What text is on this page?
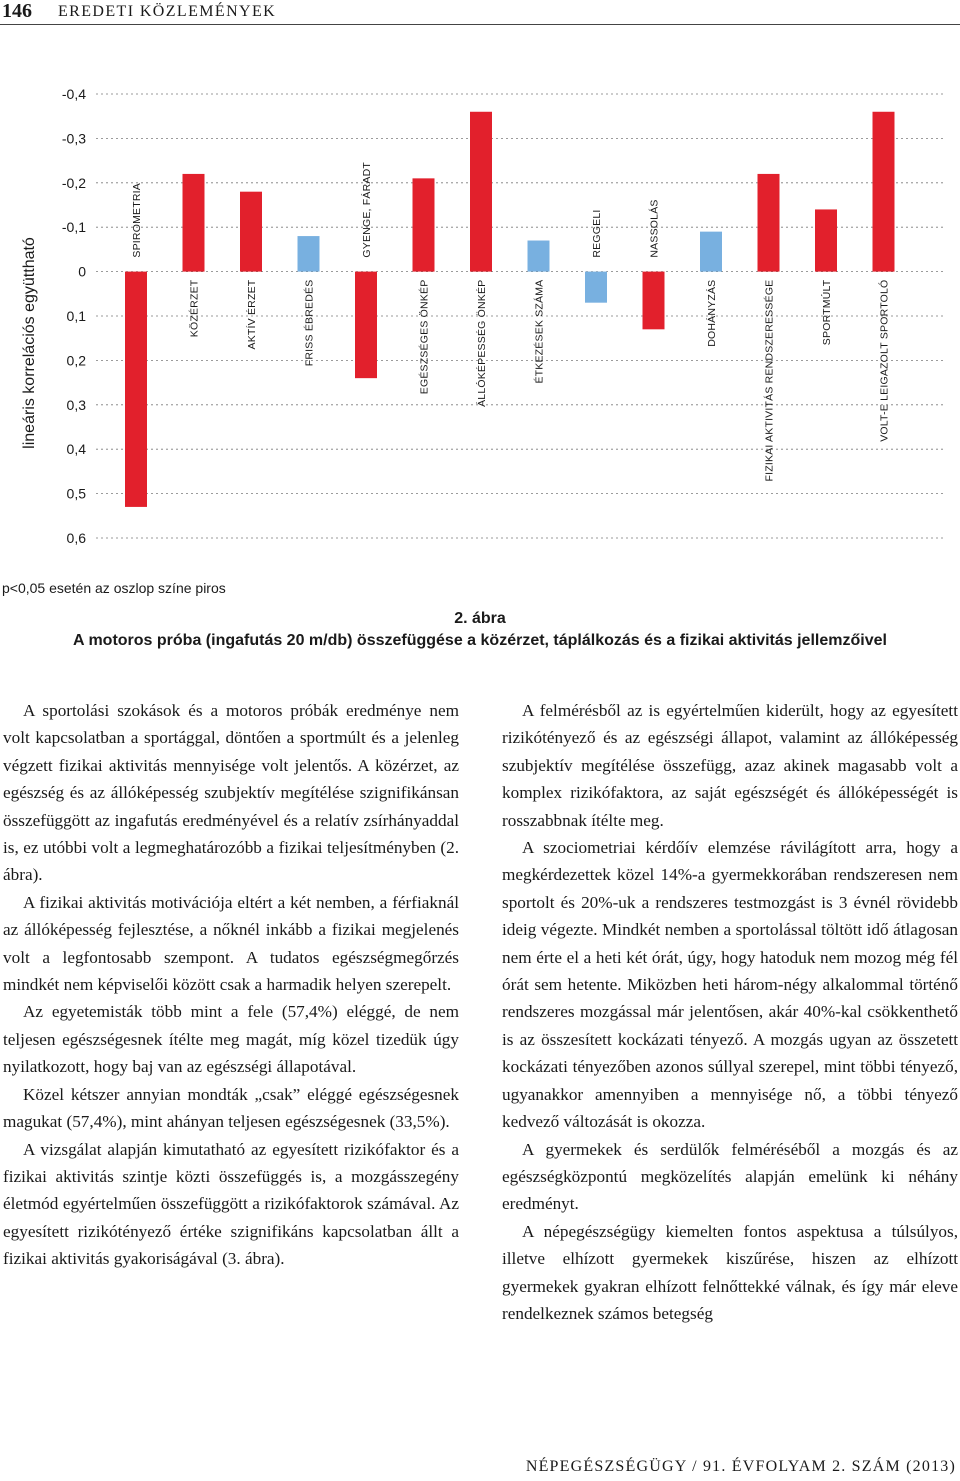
146 EREDETI KÖZLEMÉNYEK
lineáris korrelációs együttható
-0,4
-0,3
-0,2
-0,1
0
0,1
0,2
0,3
0,4
0,5
0,6
SPIROMETRIA
KÖZÉRZET	AKTÍV ÉRZET	FRISS ÉBREDÉS
GYENGE, FÁRADT
EGÉSZSÉGES ÖNKÉP	ÁLLÓKÉPESSÉG ÖNKÉP	ÉTKEZÉSEK SZÁMA
REGGELI	NASSOLÁS
DOHÁNYZÁS	FIZIKAI AKTIVITÁS RENDSZERESSÉGE	SPORTMÚLT	VOLT-E LEIGAZOLT SPORTOLÓ
p<0,05 esetén az oszlop színe piros
2. ábra
A motoros próba (ingafutás 20 m/db) összefüggése a közérzet, táplálkozás és a fizikai aktivitás jellemzőivel

A sportolási szokások és a motoros próbák eredménye nem volt kapcsolatban a sportággal, döntően a sportmúlt és a jelenleg végzett fizikai aktivitás mennyisége volt jelentős. A közérzet, az egészség és az állóképesség szubjektív megítélése szignifikánsan összefüggött az ingafutás eredményével és a relatív zsírhányaddal is, ez utóbbi volt a legmeghatározóbb a fizikai teljesítményben (2. ábra).

A fizikai aktivitás motivációja eltért a két nemben, a férfiaknál az állóképesség fejlesztése, a nőknél inkább a fizikai megjelenés volt a legfontosabb szempont. A tudatos egészségmegőrzés mindkét nem képviselői között csak a harmadik helyen szerepelt.

Az egyetemisták több mint a fele (57,4%) eléggé, de nem teljesen egészségesnek ítélte meg magát, míg közel tizedük úgy nyilatkozott, hogy baj van az egészségi állapotával.

Közel kétszer annyian mondták „csak” eléggé egészségesnek magukat (57,4%), mint ahányan teljesen egészségesnek (33,5%).

A vizsgálat alapján kimutatható az egyesített rizikófaktor és a fizikai aktivitás szintje közti összefüggés is, a mozgásszegény életmód egyértelműen összefüggött a rizikófaktorok számával. Az egyesített rizikótényező értéke szignifikáns kapcsolatban állt a fizikai aktivitás gyakoriságával (3. ábra).

A felmérésből az is egyértelműen kiderült, hogy az egyesített rizikótényező és az egészségi állapot, valamint az állóképesség szubjektív megítélése összefügg, azaz akinek magasabb volt a komplex rizikófaktora, az saját egészségét és állóképességét is rosszabbnak ítélte meg.

A szociometriai kérdőív elemzése rávilágított arra, hogy a megkérdezettek közel 14%-a gyermekkorában rendszeresen nem sportolt és 20%-uk a rendszeres testmozgást is 3 évnél rövidebb ideig végezte. Mindkét nemben a sportolással töltött idő átlagosan nem érte el a heti két órát, úgy, hogy hatoduk nem mozog még fél órát sem hetente. Miközben heti három-négy alkalommal történő rendszeres mozgással már jelentősen, akár 40%-kal csökkenthető is az összesített kockázati tényező. A mozgás ugyan az összetett kockázati tényezőben azonos súllyal szerepel, mint többi tényező, ugyanakkor amennyiben a mennyisége nő, a többi tényező kedvező változását is okozza.

A gyermekek és serdülők felméréséből a mozgás és az egészségközpontú megközelítés alapján emelünk ki néhány eredményt.

A népegészségügy kiemelten fontos aspektusa a túlsúlyos, illetve elhízott gyermekek kiszűrése, hiszen az elhízott gyermekek gyakran elhízott felnőttekké válnak, és így már eleve rendelkeznek számos betegség

NÉPEGÉSZSÉGÜGY / 91. ÉVFOLYAM 2. SZÁM (2013)
